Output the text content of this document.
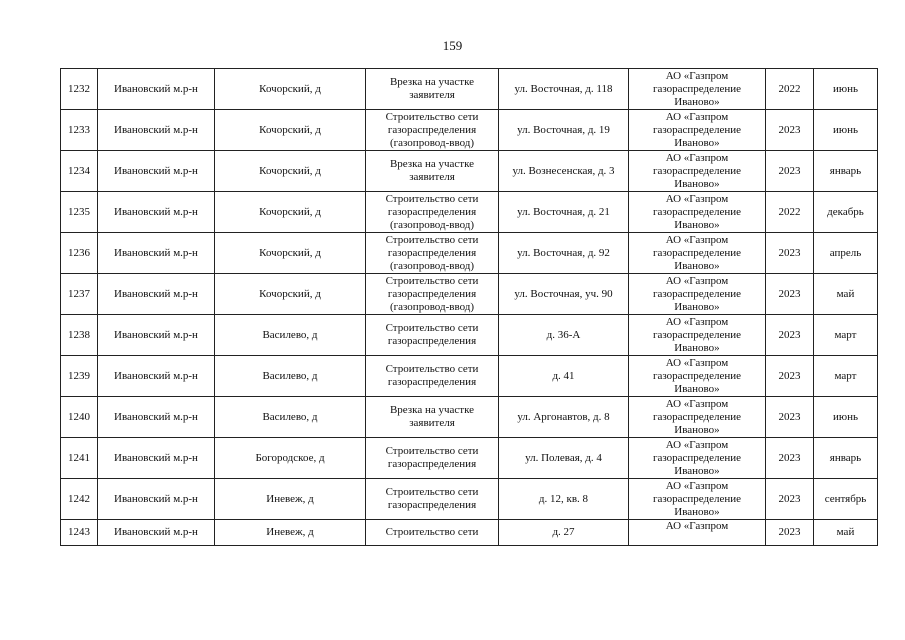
159
1232	Ивановский м.р-н	Кочорский, д	Врезка на участке
заявителя	ул. Восточная, д. 118	АО «Газпром
газораспределение
Иваново»	2022	июнь
1233	Ивановский м.р-н	Кочорский, д	Строительство сети
газораспределения
(газопровод-ввод)	ул. Восточная, д. 19	АО «Газпром
газораспределение
Иваново»	2023	июнь
1234	Ивановский м.р-н	Кочорский, д	Врезка на участке
заявителя	ул. Вознесенская, д. 3	АО «Газпром
газораспределение
Иваново»	2023	январь
1235	Ивановский м.р-н	Кочорский, д	Строительство сети
газораспределения
(газопровод-ввод)	ул. Восточная, д. 21	АО «Газпром
газораспределение
Иваново»	2022	декабрь
1236	Ивановский м.р-н	Кочорский, д	Строительство сети
газораспределения
(газопровод-ввод)	ул. Восточная, д. 92	АО «Газпром
газораспределение
Иваново»	2023	апрель
1237	Ивановский м.р-н	Кочорский, д	Строительство сети
газораспределения
(газопровод-ввод)	ул. Восточная, уч. 90	АО «Газпром
газораспределение
Иваново»	2023	май
1238	Ивановский м.р-н	Василево, д	Строительство сети
газораспределения	д. 36-А	АО «Газпром
газораспределение
Иваново»	2023	март
1239	Ивановский м.р-н	Василево, д	Строительство сети
газораспределения	д. 41	АО «Газпром
газораспределение
Иваново»	2023	март
1240	Ивановский м.р-н	Василево, д	Врезка на участке
заявителя	ул. Аргонавтов, д. 8	АО «Газпром
газораспределение
Иваново»	2023	июнь
1241	Ивановский м.р-н	Богородское, д	Строительство сети
газораспределения	ул. Полевая, д. 4	АО «Газпром
газораспределение
Иваново»	2023	январь
1242	Ивановский м.р-н	Иневеж, д	Строительство сети
газораспределения	д. 12, кв. 8	АО «Газпром
газораспределение
Иваново»	2023	сентябрь
1243	Ивановский м.р-н	Иневеж, д	Строительство сети	д. 27	АО «Газпром	2023	май
